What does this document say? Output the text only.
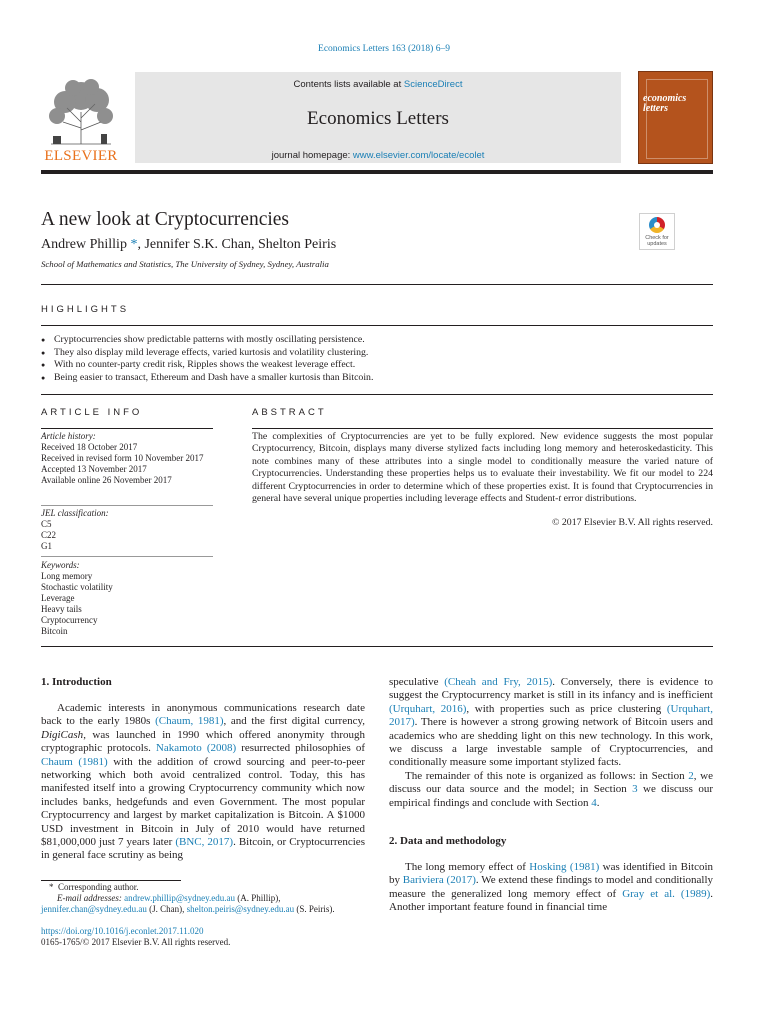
Economics Letters 163 (2018) 6–9
ELSEVIER
Contents lists available at ScienceDirect
Economics Letters
journal homepage: www.elsevier.com/locate/ecolet
economics
letters
A new look at Cryptocurrencies
Andrew Phillip *, Jennifer S.K. Chan, Shelton Peiris
School of Mathematics and Statistics, The University of Sydney, Sydney, Australia
Check for
updates
HIGHLIGHTS
● Cryptocurrencies show predictable patterns with mostly oscillating persistence.
● They also display mild leverage effects, varied kurtosis and volatility clustering.
● With no counter-party credit risk, Ripples shows the weakest leverage effect.
● Being easier to transact, Ethereum and Dash have a smaller kurtosis than Bitcoin.
ARTICLE INFO
Article history:
Received 18 October 2017
Received in revised form 10 November 2017
Accepted 13 November 2017
Available online 26 November 2017
JEL classification:
C5
C22
G1
Keywords:
Long memory
Stochastic volatility
Leverage
Heavy tails
Cryptocurrency
Bitcoin
ABSTRACT
The complexities of Cryptocurrencies are yet to be fully explored. New evidence suggests the most popular Cryptocurrency, Bitcoin, displays many diverse stylized facts including long memory and heteroskedasticity. This note combines many of these attributes into a single model to conditionally measure the varied nature of Cryptocurrencies. Understanding these properties helps us to evaluate their investability. We fit our model to 224 different Cryptocurrencies in order to determine which of these properties exist. It is found that Cryptocurrencies in general have several unique properties including leverage effects and Student-t error distributions.
© 2017 Elsevier B.V. All rights reserved.
1. Introduction

Academic interests in anonymous communications research date back to the early 1980s (Chaum, 1981), and the first digital currency, DigiCash, was launched in 1990 which offered anonymity through cryptographic protocols. Nakamoto (2008) resurrected philosophies of Chaum (1981) with the addition of crowd sourcing and peer-to-peer networking which both avoid centralized control. Today, this has manifested itself into a growing Cryptocurrency community which now includes banks, hedgefunds and even Government. The most popular Cryptocurrency and largest by market capitalization is Bitcoin. A $1000 USD investment in Bitcoin in July of 2010 would have returned $81,000,000 just 7 years later (BNC, 2017). Bitcoin, or Cryptocurrencies in general face scrutiny as being

speculative (Cheah and Fry, 2015). Conversely, there is evidence to suggest the Cryptocurrency market is still in its infancy and is inefficient (Urquhart, 2016), with properties such as price clustering (Urquhart, 2017). There is however a strong growing network of Bitcoin users and academics who are shedding light on this new technology. In this work, we discuss a large investable sample of Cryptocurrencies, and conditionally measure some important stylized facts.

The remainder of this note is organized as follows: in Section 2, we discuss our data source and the model; in Section 3 we discuss our empirical findings and conclude with Section 4.

2. Data and methodology

The long memory effect of Hosking (1981) was identified in Bitcoin by Bariviera (2017). We extend these findings to model and conditionally measure the generalized long memory effect of Gray et al. (1989). Another important feature found in financial time

* Corresponding author.
E-mail addresses: andrew.phillip@sydney.edu.au (A. Phillip),
jennifer.chan@sydney.edu.au (J. Chan), shelton.peiris@sydney.edu.au (S. Peiris).
https://doi.org/10.1016/j.econlet.2017.11.020
0165-1765/© 2017 Elsevier B.V. All rights reserved.
